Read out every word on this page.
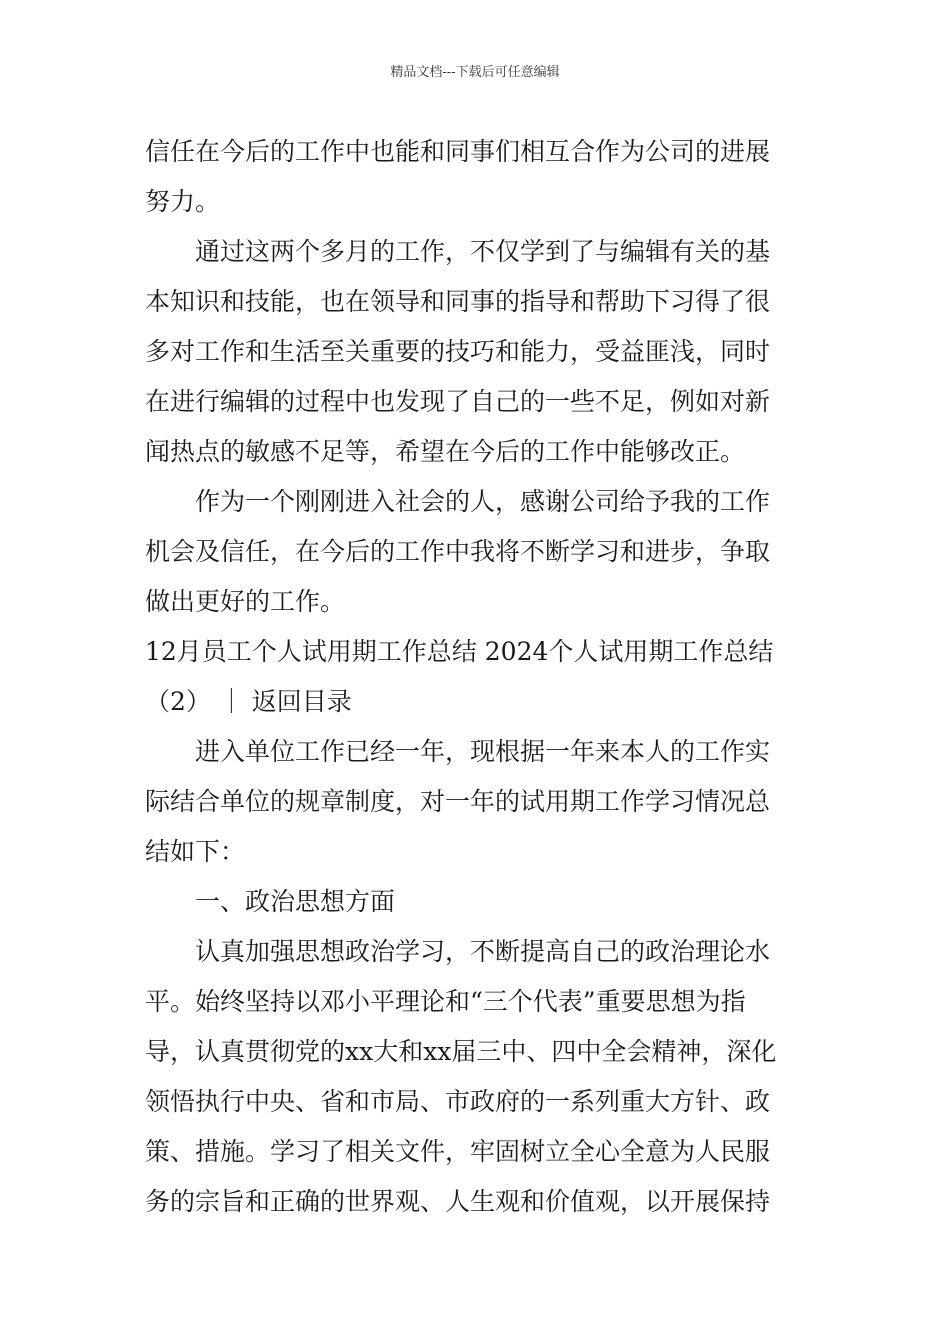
精品文档---下载后可任意编辑
信任在今后的工作中也能和同事们相互合作为公司的进展
努力。
通过这两个多月的工作，不仅学到了与编辑有关的基
本知识和技能，也在领导和同事的指导和帮助下习得了很
多对工作和生活至关重要的技巧和能力，受益匪浅，同时
在进行编辑的过程中也发现了自己的一些不足，例如对新
闻热点的敏感不足等，希望在今后的工作中能够改正。
作为一个刚刚进入社会的人，感谢公司给予我的工作
机会及信任，在今后的工作中我将不断学习和进步，争取
做出更好的工作。
12月员工个人试用期工作总结 2024个人试用期工作总结
（2） ｜ 返回目录
进入单位工作已经一年，现根据一年来本人的工作实
际结合单位的规章制度，对一年的试用期工作学习情况总
结如下：
一、政治思想方面
认真加强思想政治学习，不断提高自己的政治理论水
平。始终坚持以邓小平理论和“三个代表”重要思想为指
导，认真贯彻党的xx大和xx届三中、四中全会精神，深化
领悟执行中央、省和市局、市政府的一系列重大方针、政
策、措施。学习了相关文件，牢固树立全心全意为人民服
务的宗旨和正确的世界观、人生观和价值观，以开展保持
